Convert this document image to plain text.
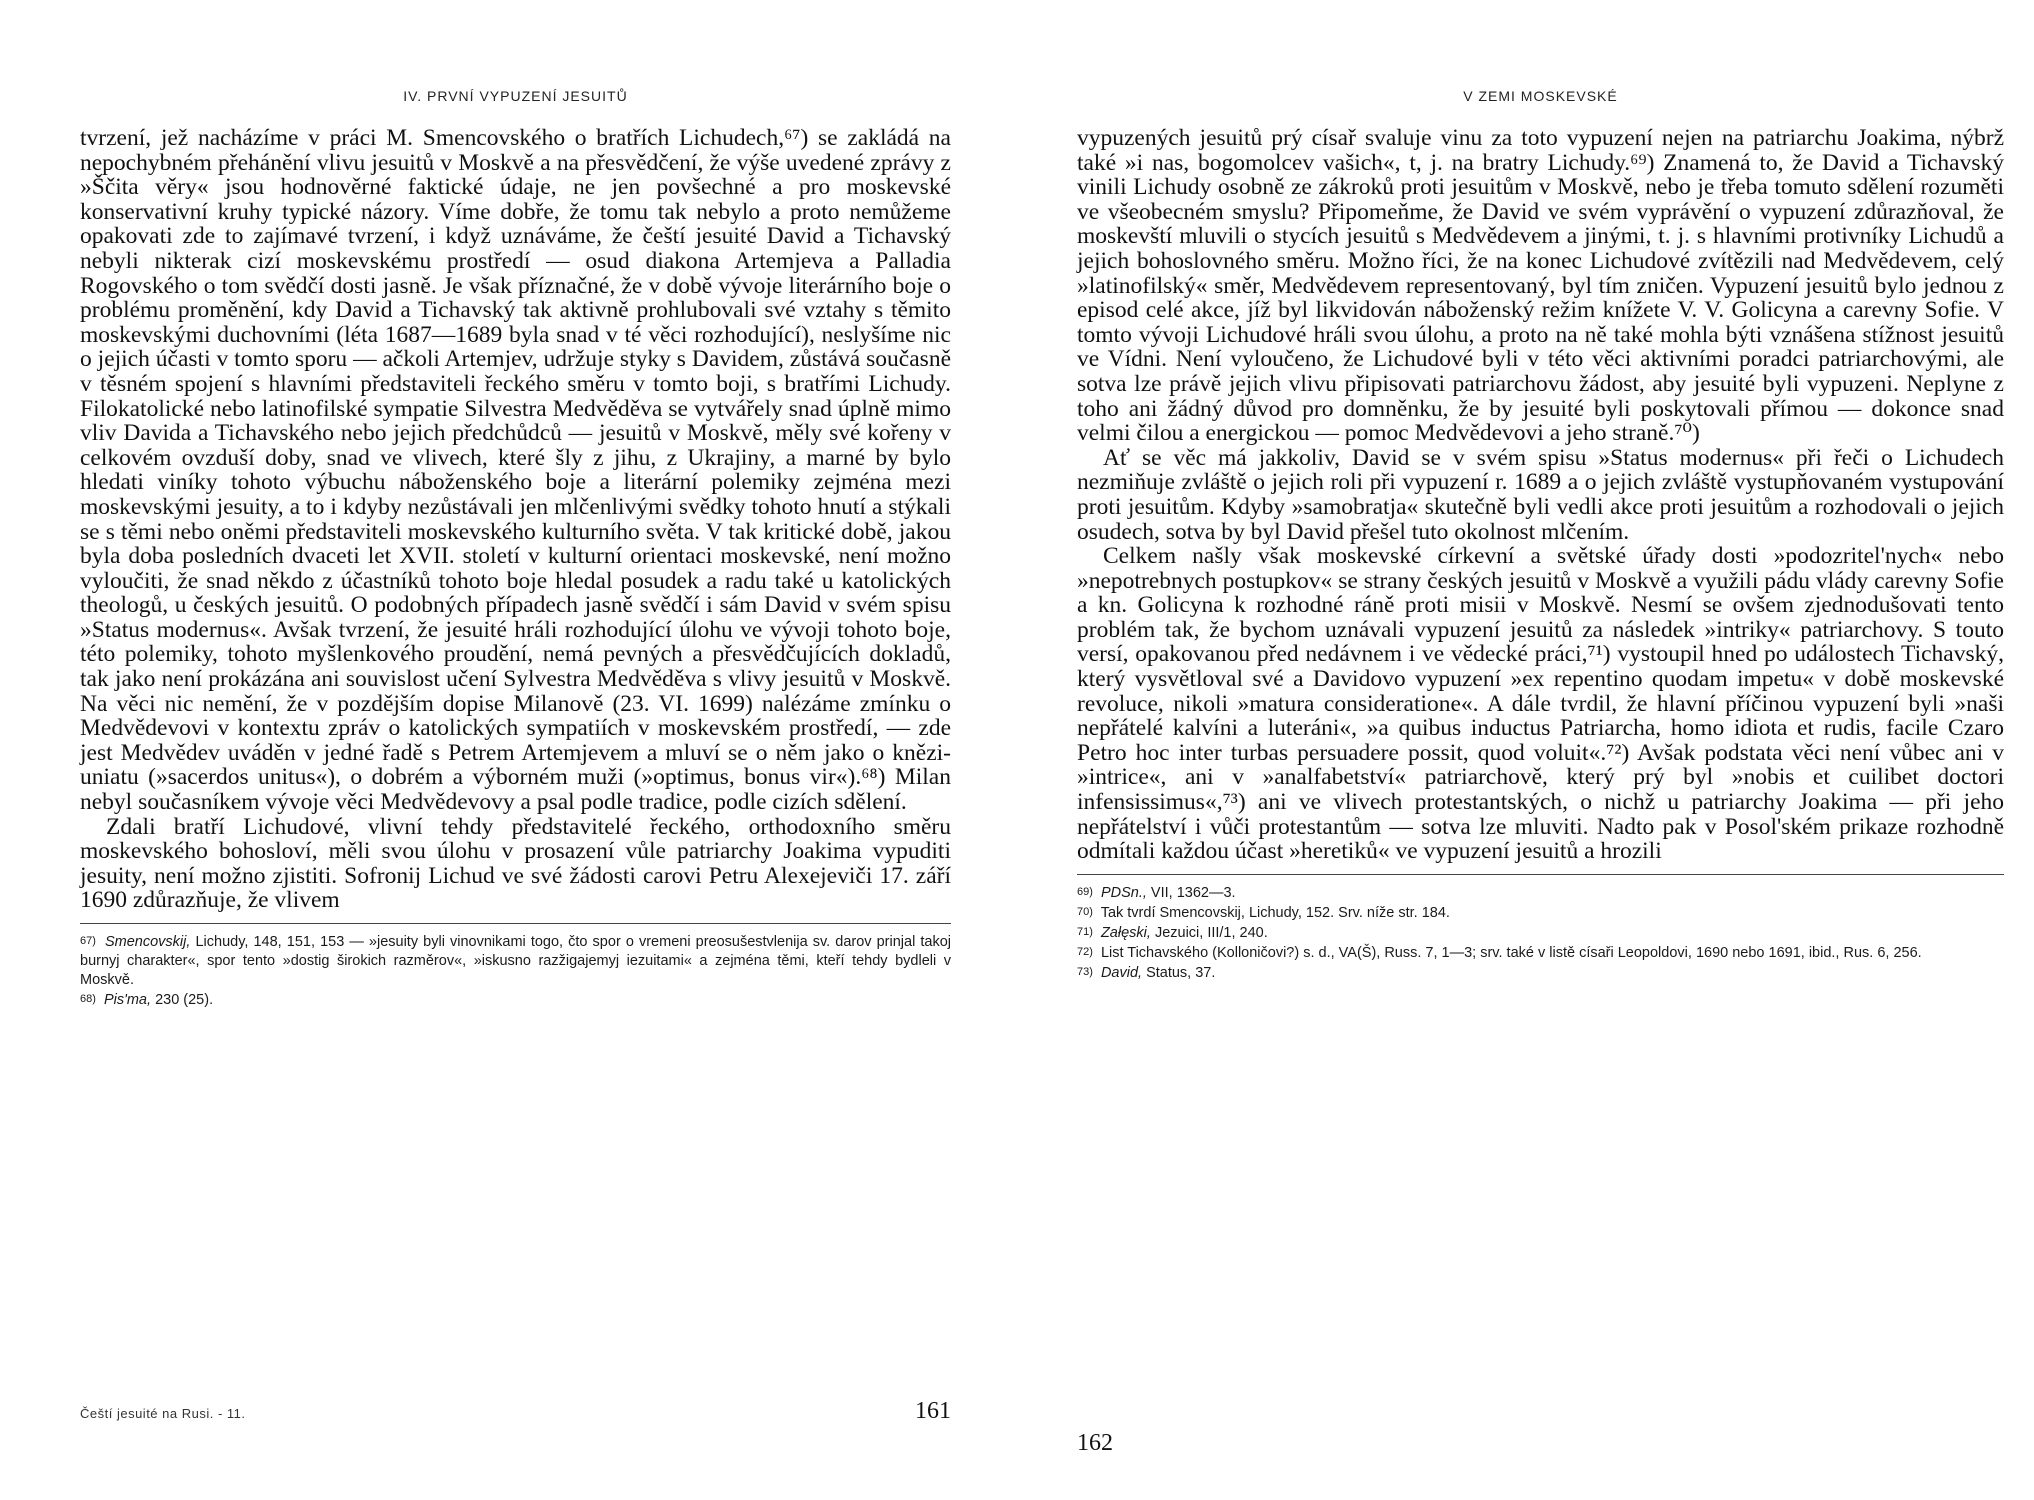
IV. PRVNÍ VYPUZENÍ JESUITŮ

tvrzení, jež nacházíme v práci M. Smencovského o bratřích Lichudech,⁶⁷) se zakládá na nepochybném přehánění vlivu jesuitů v Moskvě a na přesvědčení, že výše uvedené zprávy z »Ščita věry« jsou hodnověrné faktické údaje, ne jen povšechné a pro moskevské konservativní kruhy typické názory. Víme dobře, že tomu tak nebylo a proto nemůžeme opakovati zde to zajímavé tvrzení, i když uznáváme, že čeští jesuité David a Tichavský nebyli nikterak cizí moskevskému prostředí — osud diakona Artemjeva a Palladia Rogovského o tom svědčí dosti jasně. Je však příznačné, že v době vývoje literárního boje o problému proměnění, kdy David a Tichavský tak aktivně prohlubovali své vztahy s těmito moskevskými duchovními (léta 1687—1689 byla snad v té věci rozhodující), neslyšíme nic o jejich účasti v tomto sporu — ačkoli Artemjev, udržuje styky s Davidem, zůstává současně v těsném spojení s hlavními představiteli řeckého směru v tomto boji, s bratřími Lichudy. Filokatolické nebo latinofilské sympatie Silvestra Medvěděva se vytvářely snad úplně mimo vliv Davida a Tichavského nebo jejich předchůdců — jesuitů v Moskvě, měly své kořeny v celkovém ovzduší doby, snad ve vlivech, které šly z jihu, z Ukrajiny, a marné by bylo hledati viníky tohoto výbuchu náboženského boje a literární polemiky zejména mezi moskevskými jesuity, a to i kdyby nezůstávali jen mlčenlivými svědky tohoto hnutí a stýkali se s těmi nebo oněmi představiteli moskevského kulturního světa. V tak kritické době, jakou byla doba posledních dvaceti let XVII. století v kulturní orientaci moskevské, není možno vyloučiti, že snad někdo z účastníků tohoto boje hledal posudek a radu také u katolických theologů, u českých jesuitů. O podobných případech jasně svědčí i sám David v svém spisu »Status modernus«. Avšak tvrzení, že jesuité hráli rozhodující úlohu ve vývoji tohoto boje, této polemiky, tohoto myšlenkového proudění, nemá pevných a přesvědčujících dokladů, tak jako není prokázána ani souvislost učení Sylvestra Medvěděva s vlivy jesuitů v Moskvě. Na věci nic nemění, že v pozdějším dopise Milanově (23. VI. 1699) nalézáme zmínku o Medvědevovi v kontextu zpráv o katolických sympatiích v moskevském prostředí, — zde jest Medvědev uváděn v jedné řadě s Petrem Artemjevem a mluví se o něm jako o knězi-uniatu (»sacerdos unitus«), o dobrém a výborném muži (»optimus, bonus vir«).⁶⁸) Milan nebyl současníkem vývoje věci Medvědevovy a psal podle tradice, podle cizích sdělení.

Zdali bratří Lichudové, vlivní tehdy představitelé řeckého, orthodoxního směru moskevského bohosloví, měli svou úlohu v prosazení vůle patriarchy Joakima vypuditi jesuity, není možno zjistiti. Sofronij Lichud ve své žádosti carovi Petru Alexejeviči 17. září 1690 zdůrazňuje, že vlivem

67) Smencovskij, Lichudy, 148, 151, 153 — »jesuity byli vinovnikami togo, čto spor o vremeni preosušestvlenija sv. darov prinjal takoj burnyj charakter«, spor tento »dostig širokich razměrov«, »iskusno razžigajemyj iezuitami« a zejména těmi, kteří tehdy bydleli v Moskvě.

68) Pis'ma, 230 (25).

Čeští jesuité na Rusi. - 11.	161
V ZEMI MOSKEVSKÉ

vypuzených jesuitů prý císař svaluje vinu za toto vypuzení nejen na patriarchu Joakima, nýbrž také »i nas, bogomolcev vašich«, t, j. na bratry Lichudy.⁶⁹) Znamená to, že David a Tichavský vinili Lichudy osobně ze zákroků proti jesuitům v Moskvě, nebo je třeba tomuto sdělení rozuměti ve všeobecném smyslu? Připomeňme, že David ve svém vyprávění o vypuzení zdůrazňoval, že moskevští mluvili o stycích jesuitů s Medvědevem a jinými, t. j. s hlavními protivníky Lichudů a jejich bohoslovného směru. Možno říci, že na konec Lichudové zvítězili nad Medvědevem, celý »latinofilský« směr, Medvědevem representovaný, byl tím zničen. Vypuzení jesuitů bylo jednou z episod celé akce, jíž byl likvidován náboženský režim knížete V. V. Golicyna a carevny Sofie. V tomto vývoji Lichudové hráli svou úlohu, a proto na ně také mohla býti vznášena stížnost jesuitů ve Vídni. Není vyloučeno, že Lichudové byli v této věci aktivními poradci patriarchovými, ale sotva lze právě jejich vlivu připisovati patriarchovu žádost, aby jesuité byli vypuzeni. Neplyne z toho ani žádný důvod pro domněnku, že by jesuité byli poskytovali přímou — dokonce snad velmi čilou a energickou — pomoc Medvědevovi a jeho straně.⁷⁰)

Ať se věc má jakkoliv, David se v svém spisu »Status modernus« při řeči o Lichudech nezmiňuje zvláště o jejich roli při vypuzení r. 1689 a o jejich zvláště vystupňovaném vystupování proti jesuitům. Kdyby »samobratja« skutečně byli vedli akce proti jesuitům a rozhodovali o jejich osudech, sotva by byl David přešel tuto okolnost mlčením.

Celkem našly však moskevské církevní a světské úřady dosti »podozritel'nych« nebo »nepotrebnych postupkov« se strany českých jesuitů v Moskvě a využili pádu vlády carevny Sofie a kn. Golicyna k rozhodné ráně proti misii v Moskvě. Nesmí se ovšem zjednodušovati tento problém tak, že bychom uznávali vypuzení jesuitů za následek »intriky« patriarchovy. S touto versí, opakovanou před nedávnem i ve vědecké práci,⁷¹) vystoupil hned po událostech Tichavský, který vysvětloval své a Davidovo vypuzení »ex repentino quodam impetu« v době moskevské revoluce, nikoli »matura consideratione«. A dále tvrdil, že hlavní příčinou vypuzení byli »naši nepřátelé kalvíni a luteráni«, »a quibus inductus Patriarcha, homo idiota et rudis, facile Czaro Petro hoc inter turbas persuadere possit, quod voluit«.⁷²) Avšak podstata věci není vůbec ani v »intrice«, ani v »analfabetství« patriarchově, který prý byl »nobis et cuilibet doctori infensissimus«,⁷³) ani ve vlivech protestantských, o nichž u patriarchy Joakima — při jeho nepřátelství i vůči protestantům — sotva lze mluviti. Nadto pak v Posol'ském prikaze rozhodně odmítali každou účast »heretiků« ve vypuzení jesuitů a hrozili

69) PDSn., VII, 1362—3.

70) Tak tvrdí Smencovskij, Lichudy, 152. Srv. níže str. 184.

71) Załęski, Jezuici, III/1, 240.

72) List Tichavského (Kolloničovi?) s. d., VA(Š), Russ. 7, 1—3; srv. také v listě císaři Leopoldovi, 1690 nebo 1691, ibid., Rus. 6, 256.

73) David, Status, 37.

162
